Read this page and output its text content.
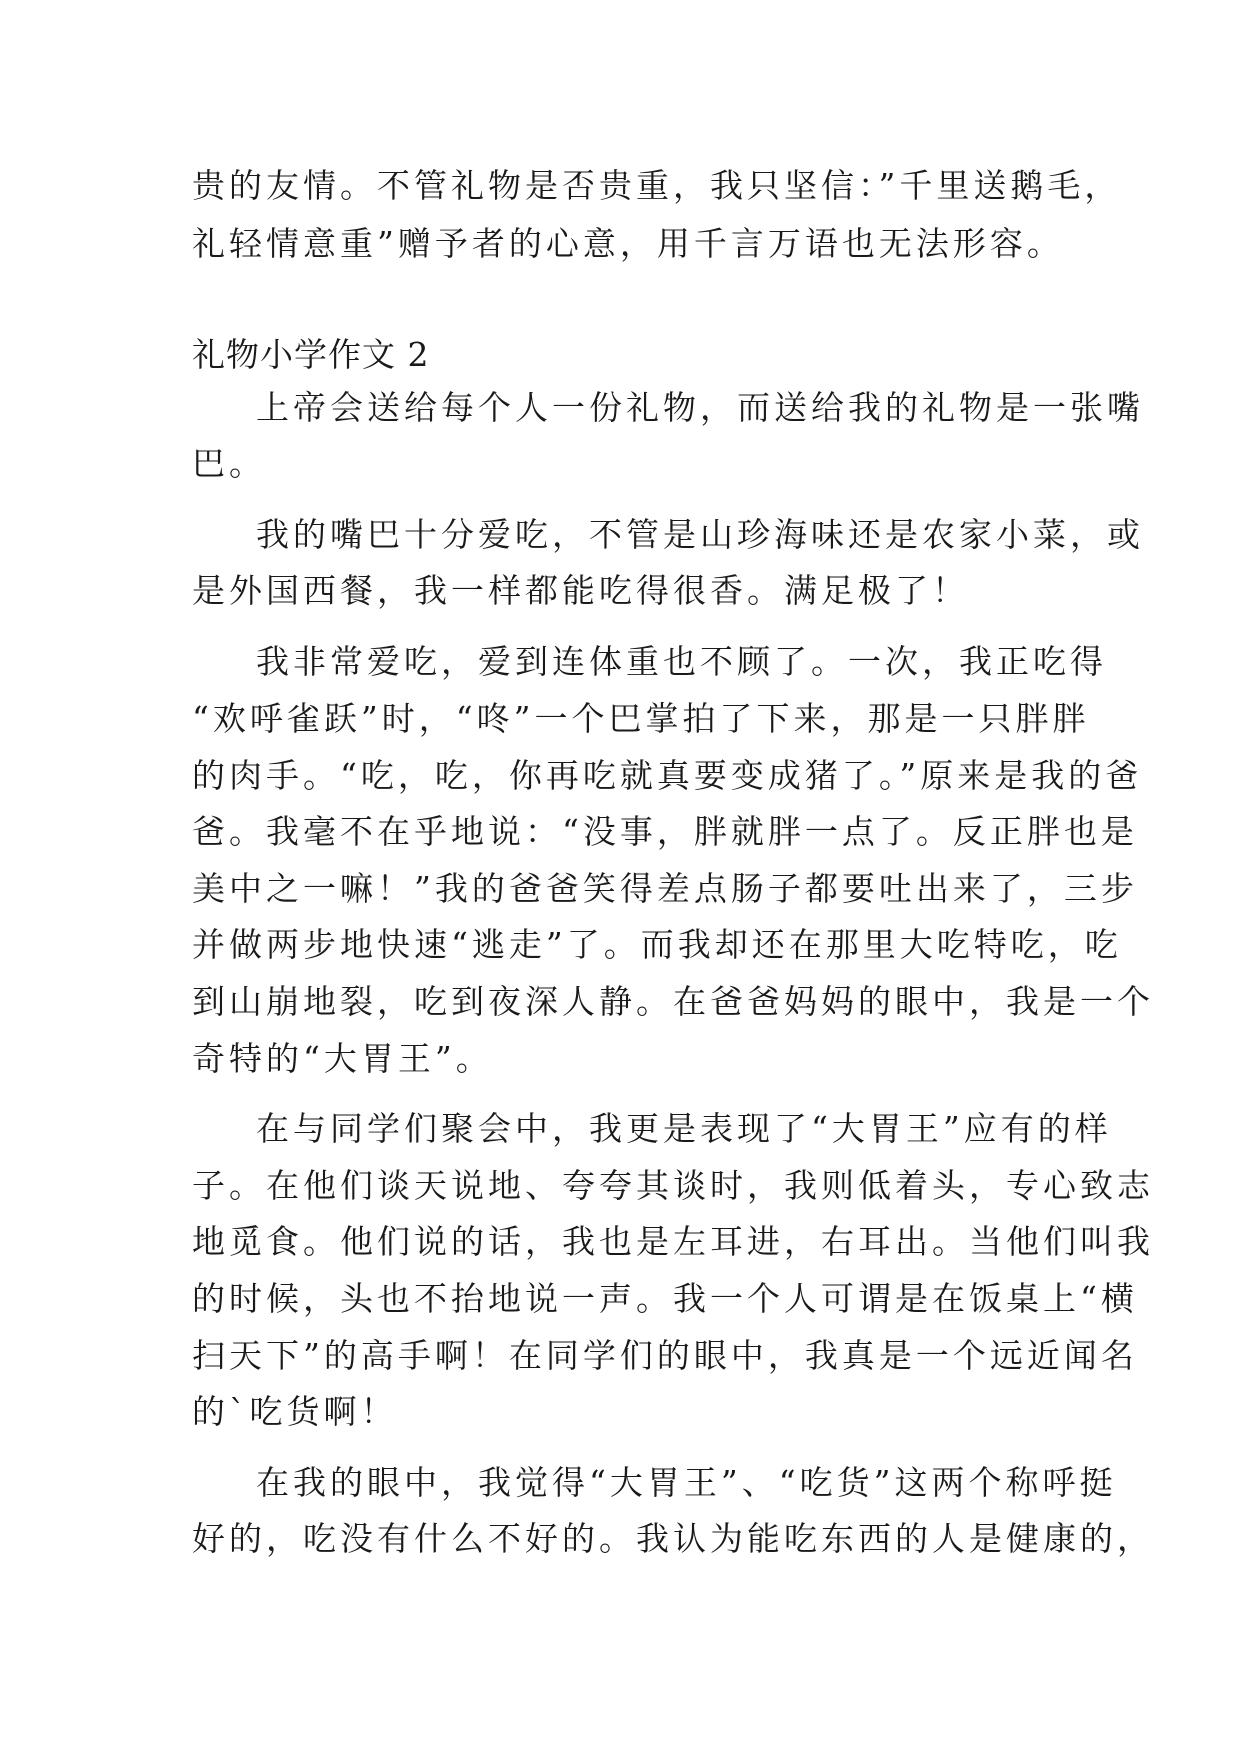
贵的友情。不管礼物是否贵重，我只坚信：”千里送鹅毛，
礼轻情意重”赠予者的心意，用千言万语也无法形容。
礼物小学作文 2
上帝会送给每个人一份礼物，而送给我的礼物是一张嘴
巴。
我的嘴巴十分爱吃，不管是山珍海味还是农家小菜，或
是外国西餐，我一样都能吃得很香。满足极了！
我非常爱吃，爱到连体重也不顾了。一次，我正吃得
“欢呼雀跃”时，“咚”一个巴掌拍了下来，那是一只胖胖
的肉手。“吃，吃，你再吃就真要变成猪了。”原来是我的爸
爸。我毫不在乎地说：“没事，胖就胖一点了。反正胖也是
美中之一嘛！”我的爸爸笑得差点肠子都要吐出来了，三步
并做两步地快速“逃走”了。而我却还在那里大吃特吃，吃
到山崩地裂，吃到夜深人静。在爸爸妈妈的眼中，我是一个
奇特的“大胃王”。
在与同学们聚会中，我更是表现了“大胃王”应有的样
子。在他们谈天说地、夸夸其谈时，我则低着头，专心致志
地觅食。他们说的话，我也是左耳进，右耳出。当他们叫我
的时候，头也不抬地说一声。我一个人可谓是在饭桌上“横
扫天下”的高手啊！在同学们的眼中，我真是一个远近闻名
的`吃货啊！
在我的眼中，我觉得“大胃王”、“吃货”这两个称呼挺
好的，吃没有什么不好的。我认为能吃东西的人是健康的，
